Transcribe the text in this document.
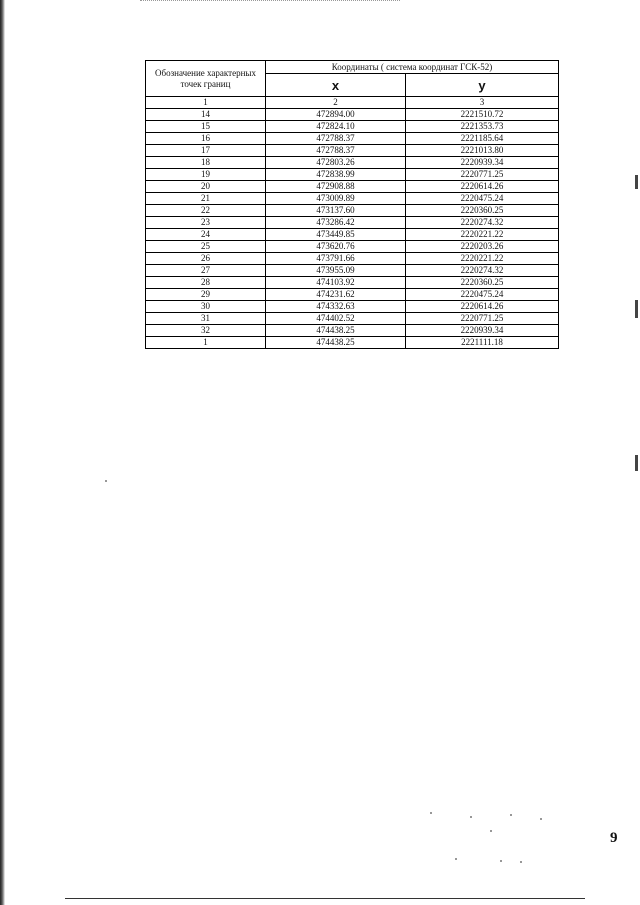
Обозначение характерных точек границ	Координаты ( система координат ГСК-52)	
	x	y
1	2	3
14	472894.00	2221510.72
15	472824.10	2221353.73
16	472788.37	2221185.64
17	472788.37	2221013.80
18	472803.26	2220939.34
19	472838.99	2220771.25
20	472908.88	2220614.26
21	473009.89	2220475.24
22	473137.60	2220360.25
23	473286.42	2220274.32
24	473449.85	2220221.22
25	473620.76	2220203.26
26	473791.66	2220221.22
27	473955.09	2220274.32
28	474103.92	2220360.25
29	474231.62	2220475.24
30	474332.63	2220614.26
31	474402.52	2220771.25
32	474438.25	2220939.34
1	474438.25	2221111.18
9
